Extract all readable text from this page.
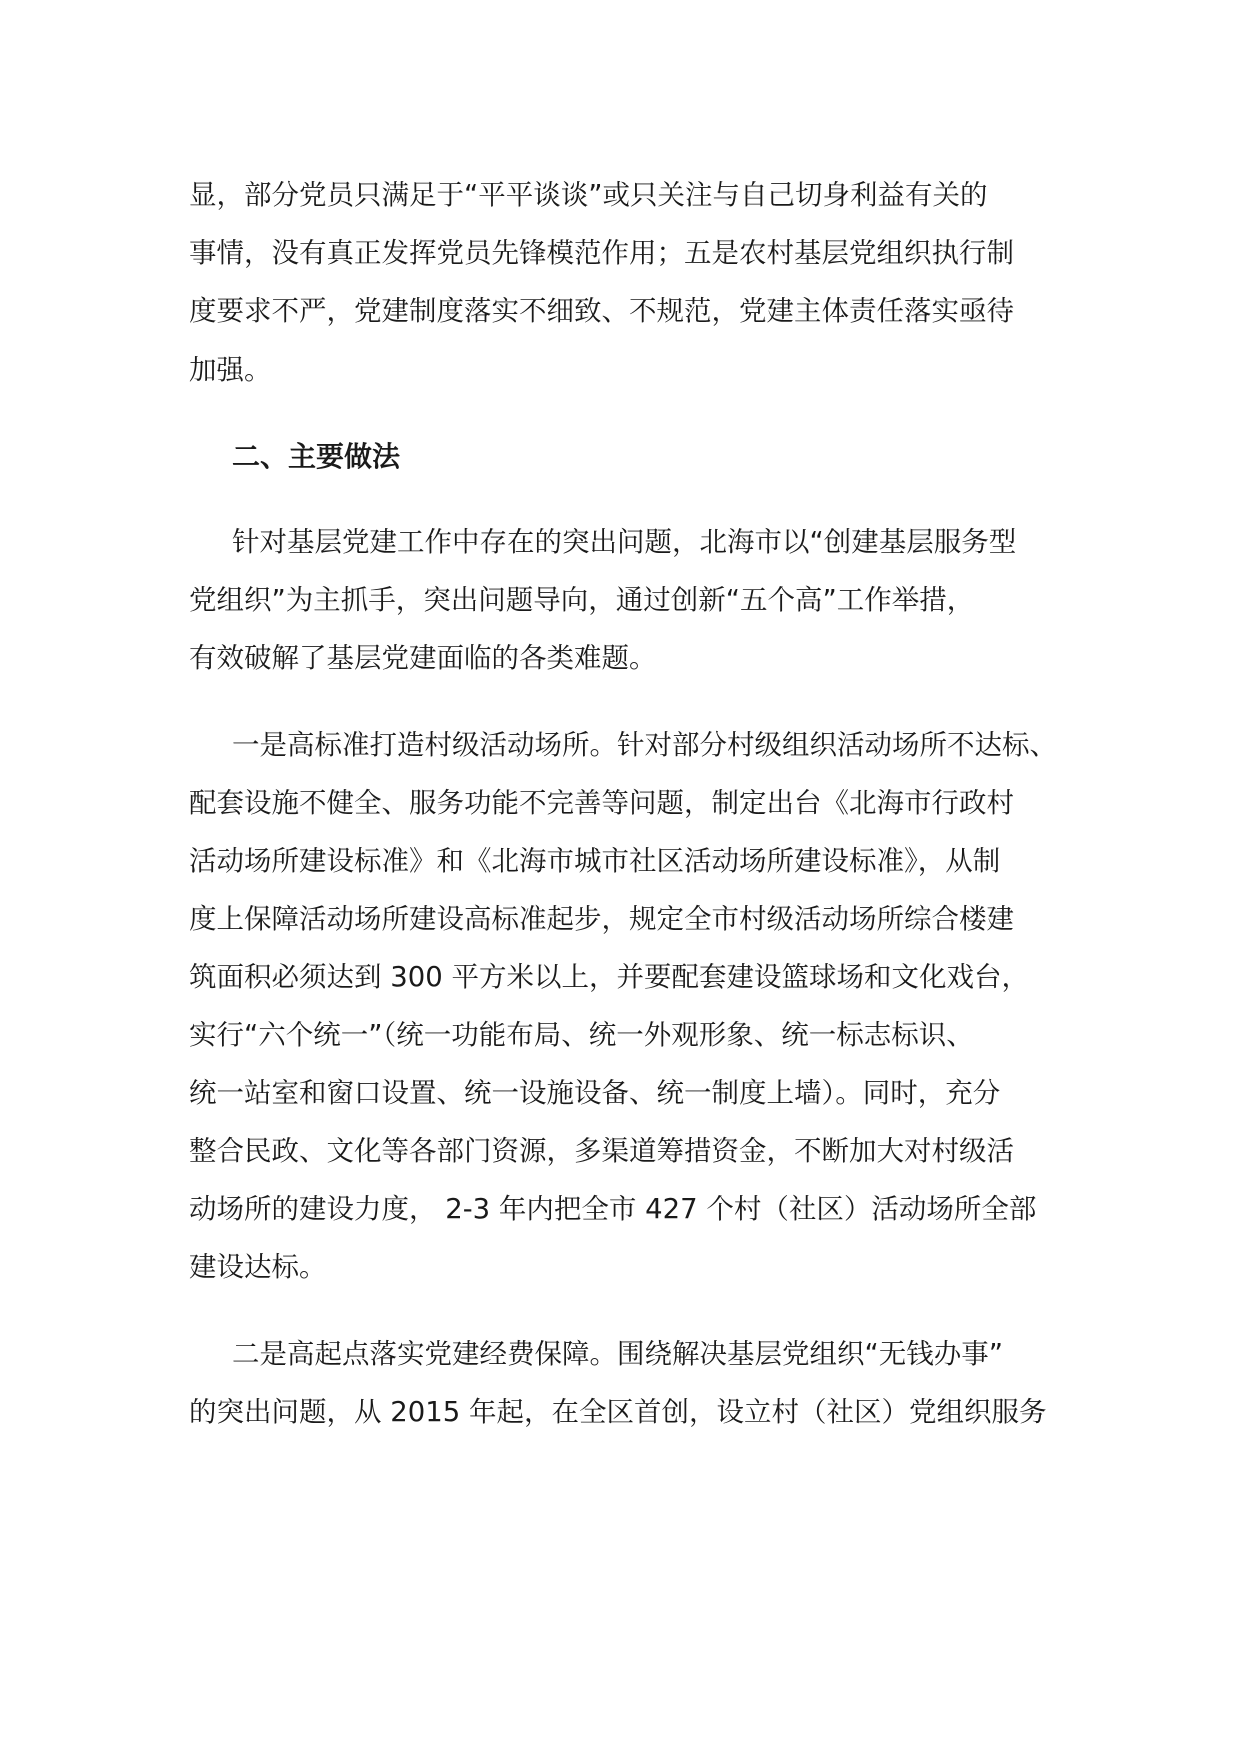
显，部分党员只满足于“平平谈谈”或只关注与自己切身利益有关的

事情，没有真正发挥党员先锋模范作用；五是农村基层党组织执行制

度要求不严，党建制度落实不细致、不规范，党建主体责任落实亟待

加强。

二、主要做法

针对基层党建工作中存在的突出问题，北海市以“创建基层服务型

党组织”为主抓手，突出问题导向，通过创新“五个高”工作举措，

有效破解了基层党建面临的各类难题。

一是高标准打造村级活动场所。针对部分村级组织活动场所不达标、

配套设施不健全、服务功能不完善等问题，制定出台《北海市行政村

活动场所建设标准》和《北海市城市社区活动场所建设标准》，从制

度上保障活动场所建设高标准起步，规定全市村级活动场所综合楼建

筑面积必须达到 300 平方米以上，并要配套建设篮球场和文化戏台，

实行“六个统一”（统一功能布局、统一外观形象、统一标志标识、

统一站室和窗口设置、统一设施设备、统一制度上墙）。同时，充分

整合民政、文化等各部门资源，多渠道筹措资金，不断加大对村级活

动场所的建设力度， 2-3 年内把全市 427 个村（社区）活动场所全部

建设达标。

二是高起点落实党建经费保障。围绕解决基层党组织“无钱办事”

的突出问题，从 2015 年起，在全区首创，设立村（社区）党组织服务
